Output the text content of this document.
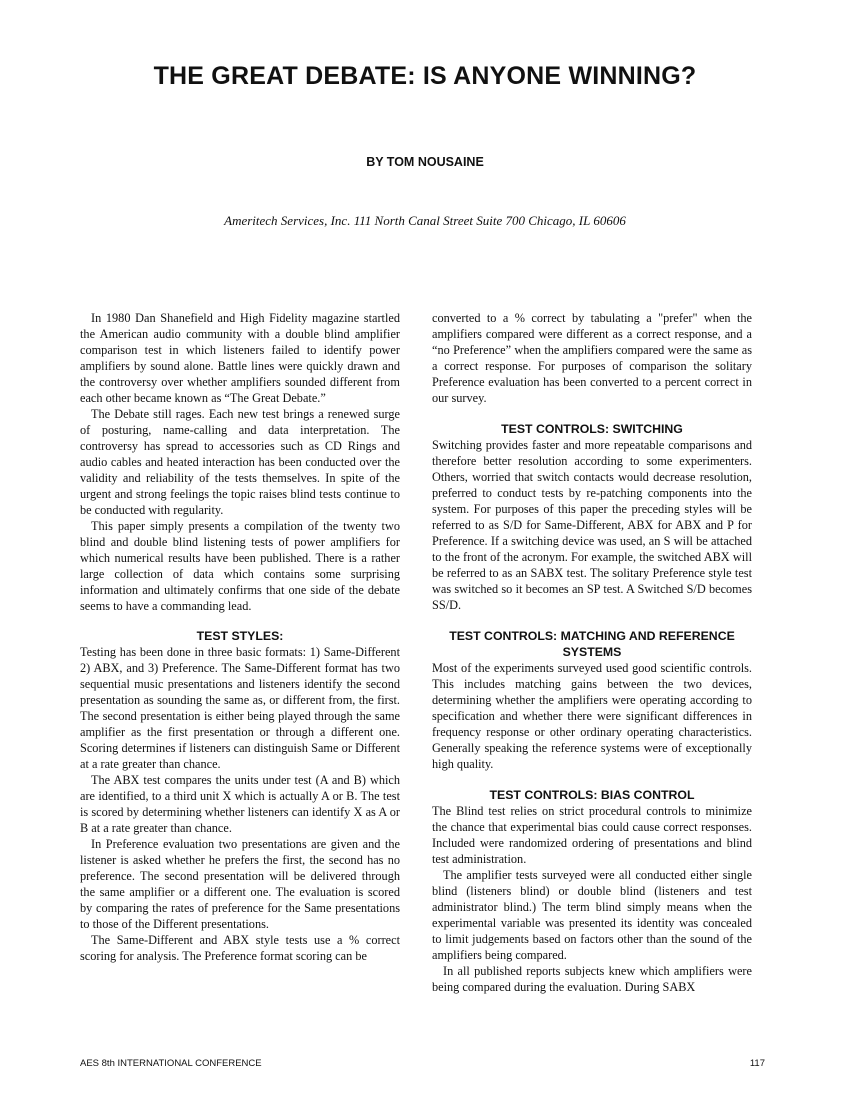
THE GREAT DEBATE: IS ANYONE WINNING?
BY TOM NOUSAINE
Ameritech Services, Inc. 111 North Canal Street Suite 700 Chicago, IL 60606

In 1980 Dan Shanefield and High Fidelity magazine startled the American audio community with a double blind amplifier comparison test in which listeners failed to identify power amplifiers by sound alone. Battle lines were quickly drawn and the controversy over whether amplifiers sounded different from each other became known as “The Great Debate.”

The Debate still rages. Each new test brings a renewed surge of posturing, name-calling and data interpretation. The controversy has spread to accessories such as CD Rings and audio cables and heated interaction has been conducted over the validity and reliability of the tests themselves. In spite of the urgent and strong feelings the topic raises blind tests continue to be conducted with regularity.

This paper simply presents a compilation of the twenty two blind and double blind listening tests of power amplifiers for which numerical results have been published. There is a rather large collection of data which contains some surprising information and ultimately confirms that one side of the debate seems to have a commanding lead.

TEST STYLES:

Testing has been done in three basic formats: 1) Same-Different 2) ABX, and 3) Preference. The Same-Different format has two sequential music presentations and listeners identify the second presentation as sounding the same as, or different from, the first. The second presentation is either being played through the same amplifier as the first presentation or through a different one. Scoring determines if listeners can distinguish Same or Different at a rate greater than chance.

The ABX test compares the units under test (A and B) which are identified, to a third unit X which is actually A or B. The test is scored by determining whether listeners can identify X as A or B at a rate greater than chance.

In Preference evaluation two presentations are given and the listener is asked whether he prefers the first, the second has no preference. The second presentation will be delivered through the same amplifier or a different one. The evaluation is scored by comparing the rates of preference for the Same presentations to those of the Different presentations.

The Same-Different and ABX style tests use a % correct scoring for analysis. The Preference format scoring can be

converted to a % correct by tabulating a "prefer" when the amplifiers compared were different as a correct response, and a “no Preference” when the amplifiers compared were the same as a correct response. For purposes of comparison the solitary Preference evaluation has been converted to a percent correct in our survey.

TEST CONTROLS: SWITCHING

Switching provides faster and more repeatable comparisons and therefore better resolution according to some experimenters. Others, worried that switch contacts would decrease resolution, preferred to conduct tests by re-patching components into the system. For purposes of this paper the preceding styles will be referred to as S/D for Same-Different, ABX for ABX and P for Preference. If a switching device was used, an S will be attached to the front of the acronym. For example, the switched ABX will be referred to as an SABX test. The solitary Preference style test was switched so it becomes an SP test. A Switched S/D becomes SS/D.

TEST CONTROLS: MATCHING AND REFERENCE SYSTEMS

Most of the experiments surveyed used good scientific controls. This includes matching gains between the two devices, determining whether the amplifiers were operating according to specification and whether there were significant differences in frequency response or other ordinary operating characteristics. Generally speaking the reference systems were of exceptionally high quality.

TEST CONTROLS: BIAS CONTROL

The Blind test relies on strict procedural controls to minimize the chance that experimental bias could cause correct responses. Included were randomized ordering of presentations and blind test administration.

The amplifier tests surveyed were all conducted either single blind (listeners blind) or double blind (listeners and test administrator blind.) The term blind simply means when the experimental variable was presented its identity was concealed to limit judgements based on factors other than the sound of the amplifiers being compared.

In all published reports subjects knew which amplifiers were being compared during the evaluation. During SABX

AES 8th INTERNATIONAL CONFERENCE	117
